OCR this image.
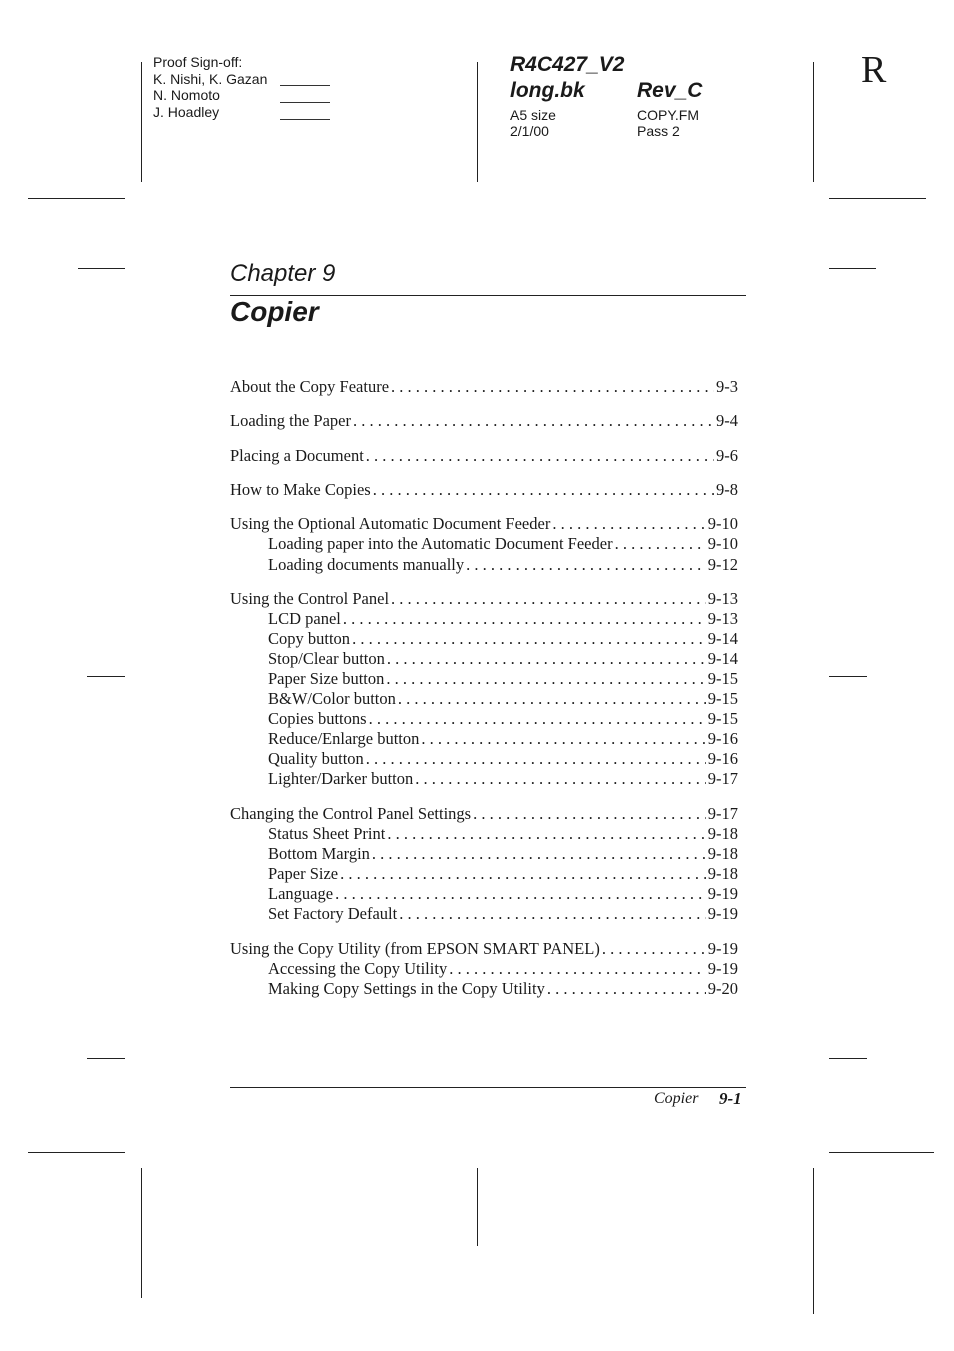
Proof Sign-off:
K. Nishi, K. Gazan
N. Nomoto
J. Hoadley
R4C427_V2
long.bk Rev_C
A5 size	COPY.FM
2/1/00	Pass 2
R
Chapter 9
Copier
About the Copy Feature . . .	9-3
Loading the Paper . . .	9-4
Placing a Document . . .	9-6
How to Make Copies . . .	9-8
Using the Optional Automatic Document Feeder . . .	9-10
Loading paper into the Automatic Document Feeder . . .	9-10
Loading documents manually . . .	9-12
Using the Control Panel . . .	9-13
LCD panel . . .	9-13
Copy button . . .	9-14
Stop/Clear button . . .	9-14
Paper Size button . . .	9-15
B&W/Color button . . .	9-15
Copies buttons . . .	9-15
Reduce/Enlarge button . . .	9-16
Quality button . . .	9-16
Lighter/Darker button . . .	9-17
Changing the Control Panel Settings . . .	9-17
Status Sheet Print . . .	9-18
Bottom Margin . . .	9-18
Paper Size . . .	9-18
Language . . .	9-19
Set Factory Default . . .	9-19
Using the Copy Utility (from EPSON SMART PANEL) . . .	9-19
Accessing the Copy Utility . . .	9-19
Making Copy Settings in the Copy Utility . . .	9-20
Copier 9-1
